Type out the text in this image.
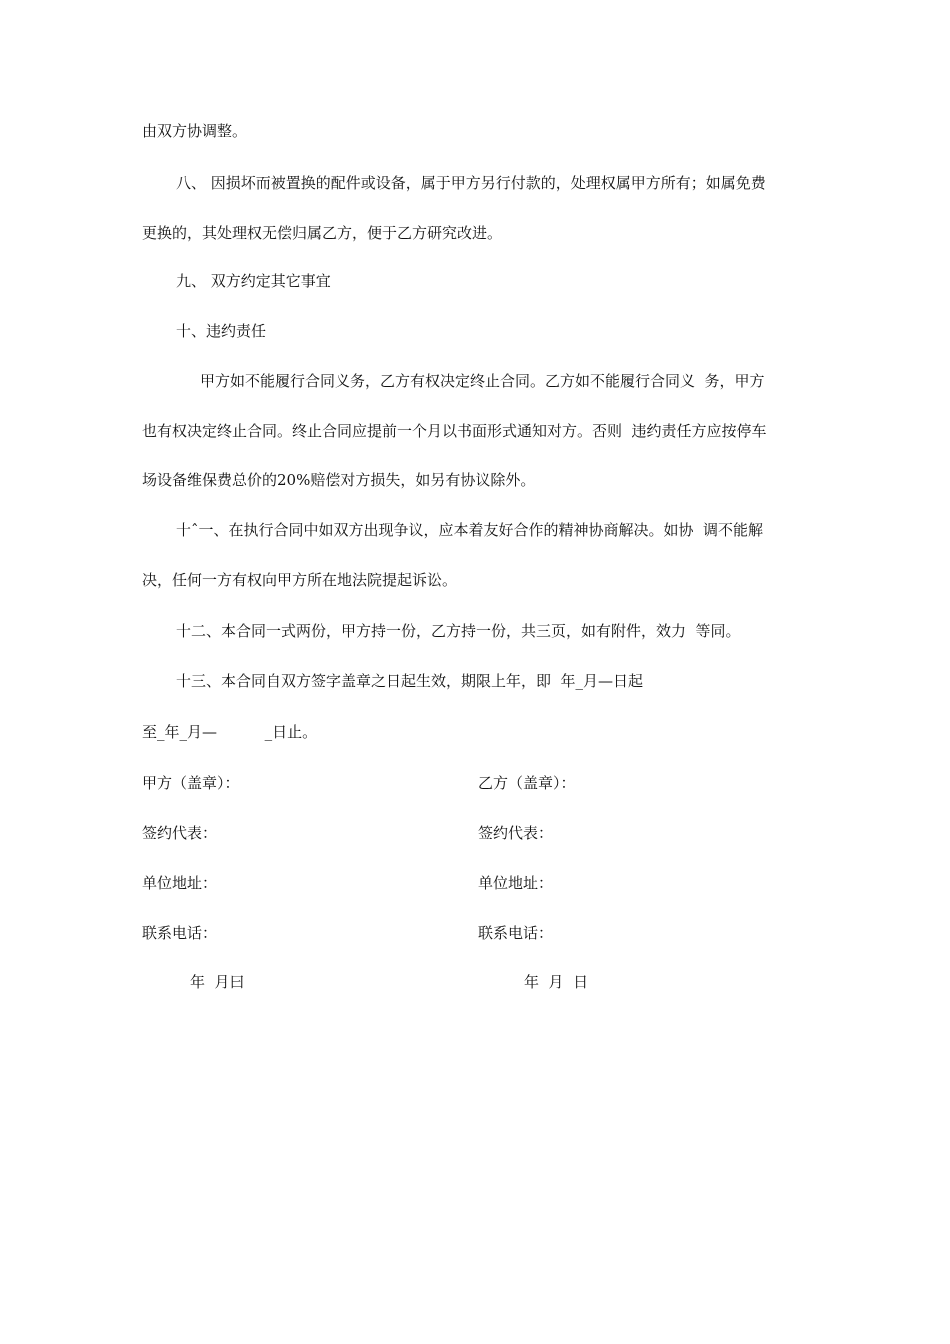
由双方协调整。
八、 因损坏而被置换的配件或设备，属于甲方另行付款的，处理权属甲方所有；如属免费
更换的，其处理权无偿归属乙方，便于乙方研究改进。
九、 双方约定其它事宜
十、违约责任
甲方如不能履行合同义务，乙方有权决定终止合同。乙方如不能履行合同义  务，甲方
也有权决定终止合同。终止合同应提前一个月以书面形式通知对方。否则  违约责任方应按停车
场设备维保费总价的20%赔偿对方损失，如另有协议除外。
十ˆ一、在执行合同中如双方出现争议，应本着友好合作的精神协商解决。如协  调不能解
决，任何一方有权向甲方所在地法院提起诉讼。
十二、本合同一式两份，甲方持一份，乙方持一份，共三页，如有附件，效力  等同。
十三、本合同自双方签字盖章之日起生效，期限上年，即  年_月—日起
至_年_月—          _日止。
甲方（盖章）：	乙方（盖章）：
签约代表：	签约代表：
单位地址：	单位地址：
联系电话：	联系电话：
年  月曰	年  月  日
